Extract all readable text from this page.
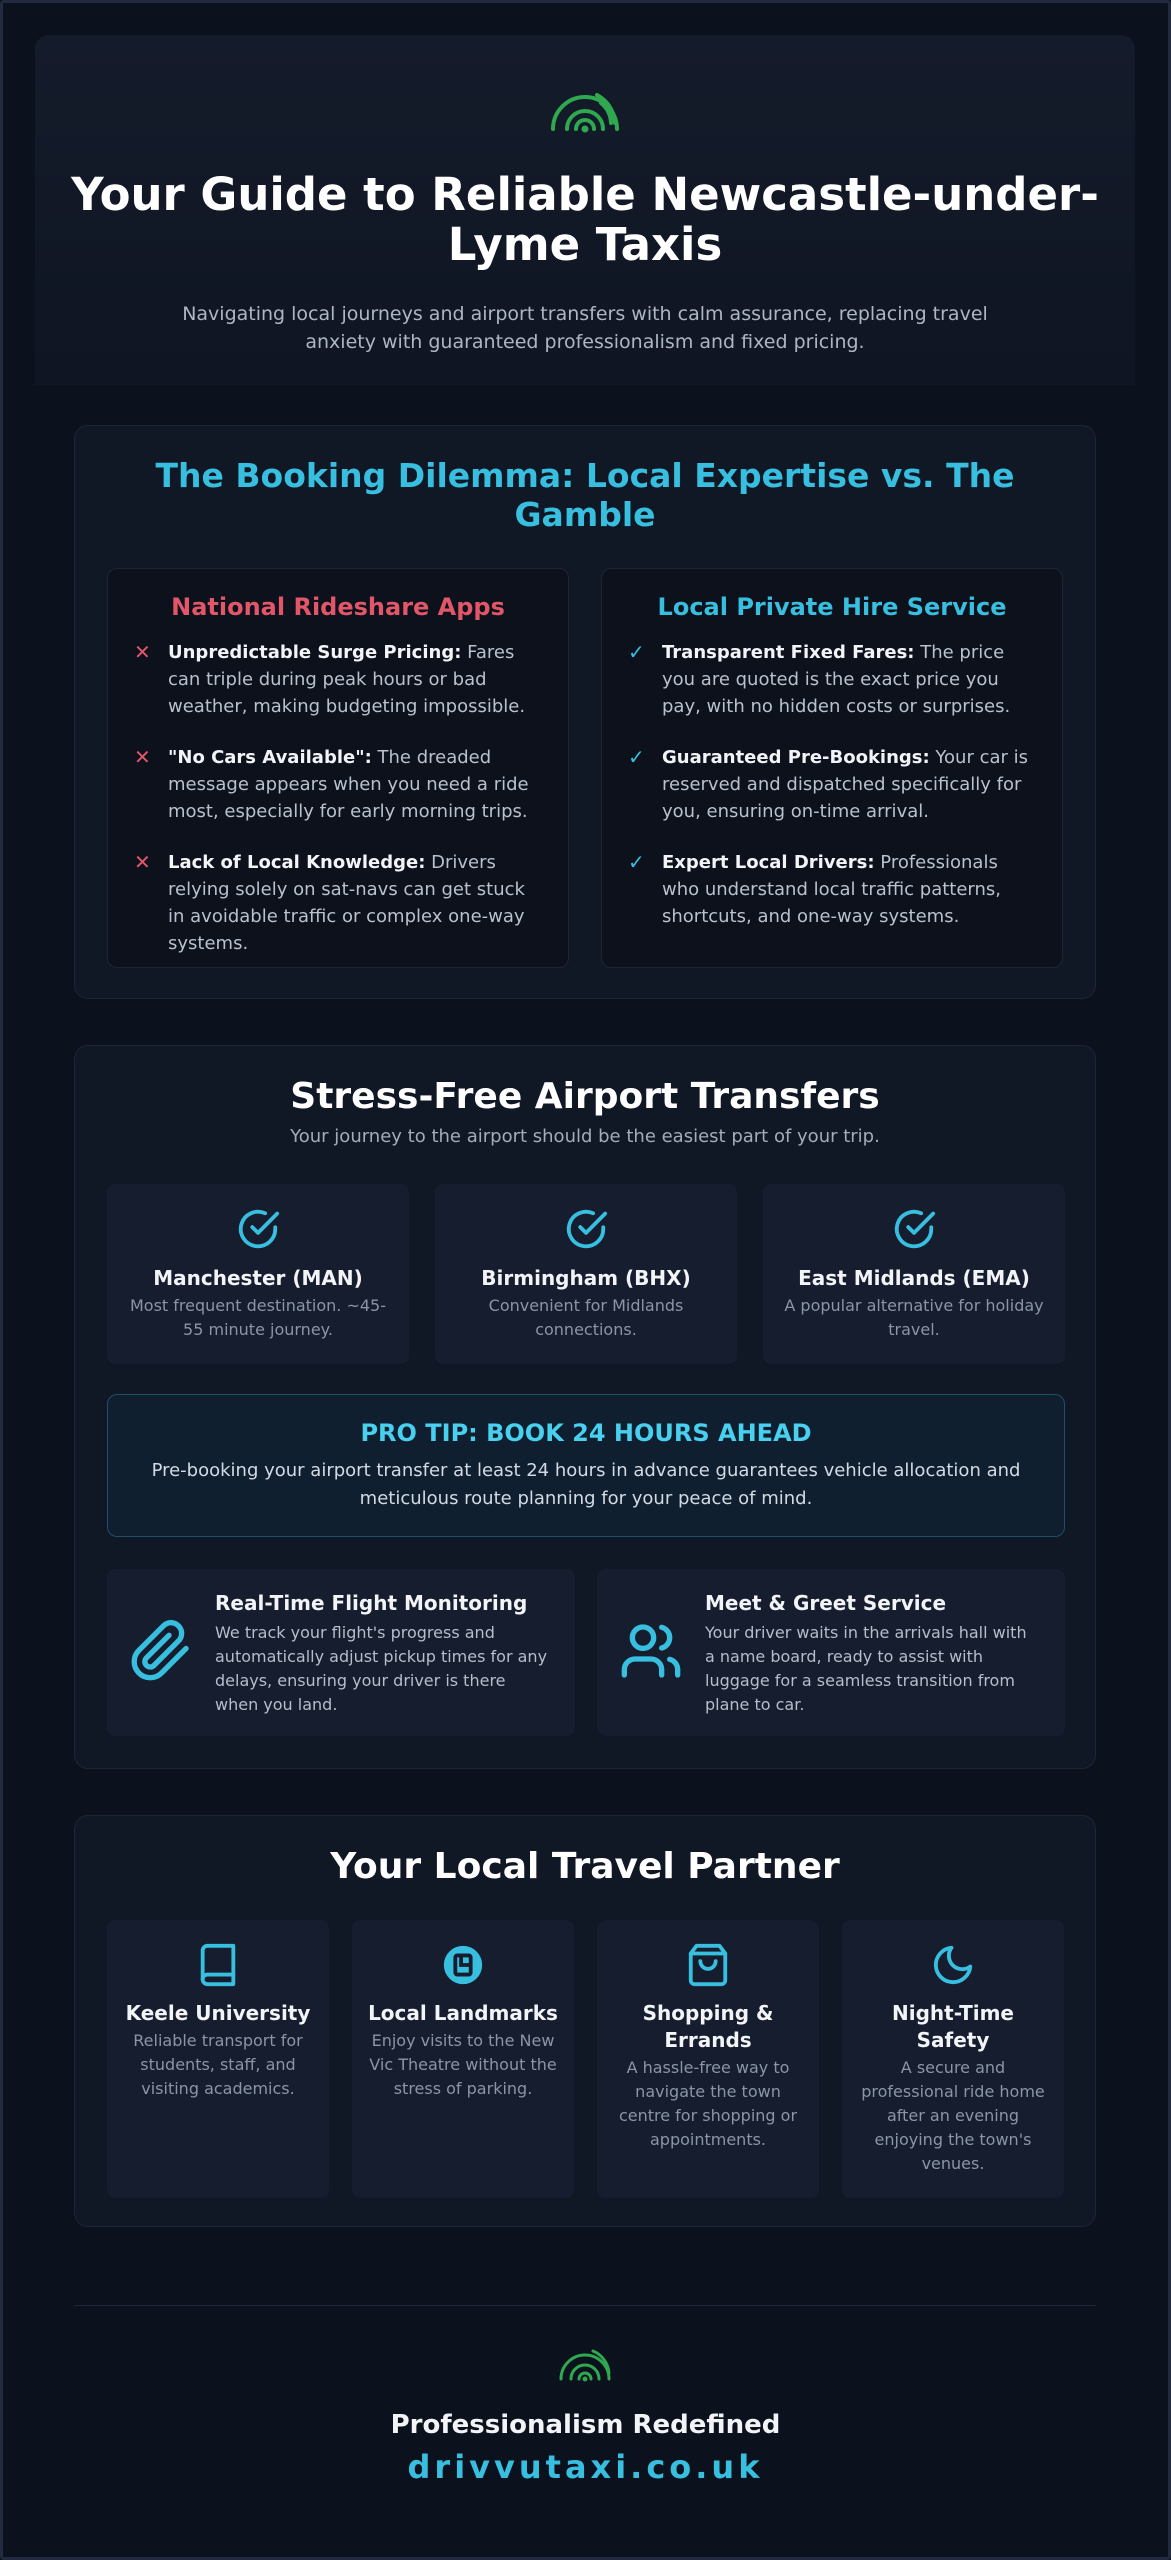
Your Guide to Reliable Newcastle-under-Lyme Taxis

Navigating local journeys and airport transfers with calm assurance, replacing travel anxiety with guaranteed professionalism and fixed pricing.

The Booking Dilemma: Local Expertise vs. The Gamble
National Rideshare Apps
✕ Unpredictable Surge Pricing: Fares can triple during peak hours or bad weather, making budgeting impossible.
✕ "No Cars Available": The dreaded message appears when you need a ride most, especially for early morning trips.
✕ Lack of Local Knowledge: Drivers relying solely on sat-navs can get stuck in avoidable traffic or complex one-way systems.
Local Private Hire Service
✓ Transparent Fixed Fares: The price you are quoted is the exact price you pay, with no hidden costs or surprises.
✓ Guaranteed Pre-Bookings: Your car is reserved and dispatched specifically for you, ensuring on-time arrival.
✓ Expert Local Drivers: Professionals who understand local traffic patterns, shortcuts, and one-way systems.
Stress-Free Airport Transfers

Your journey to the airport should be the easiest part of your trip.

Manchester (MAN)
Most frequent destination. ~45-55 minute journey.
Birmingham (BHX)
Convenient for Midlands connections.
East Midlands (EMA)
A popular alternative for holiday travel.
PRO TIP: BOOK 24 HOURS AHEAD
Pre-booking your airport transfer at least 24 hours in advance guarantees vehicle allocation and meticulous route planning for your peace of mind.
Real-Time Flight Monitoring
We track your flight's progress and automatically adjust pickup times for any delays, ensuring your driver is there when you land.
Meet & Greet Service
Your driver waits in the arrivals hall with a name board, ready to assist with luggage for a seamless transition from plane to car.
Your Local Travel Partner
Keele University
Reliable transport for students, staff, and visiting academics.
Local Landmarks
Enjoy visits to the New Vic Theatre without the stress of parking.
Shopping & Errands
A hassle-free way to navigate the town centre for shopping or appointments.
Night-Time Safety
A secure and professional ride home after an evening enjoying the town's venues.
Professionalism Redefined
drivvutaxi.co.uk
